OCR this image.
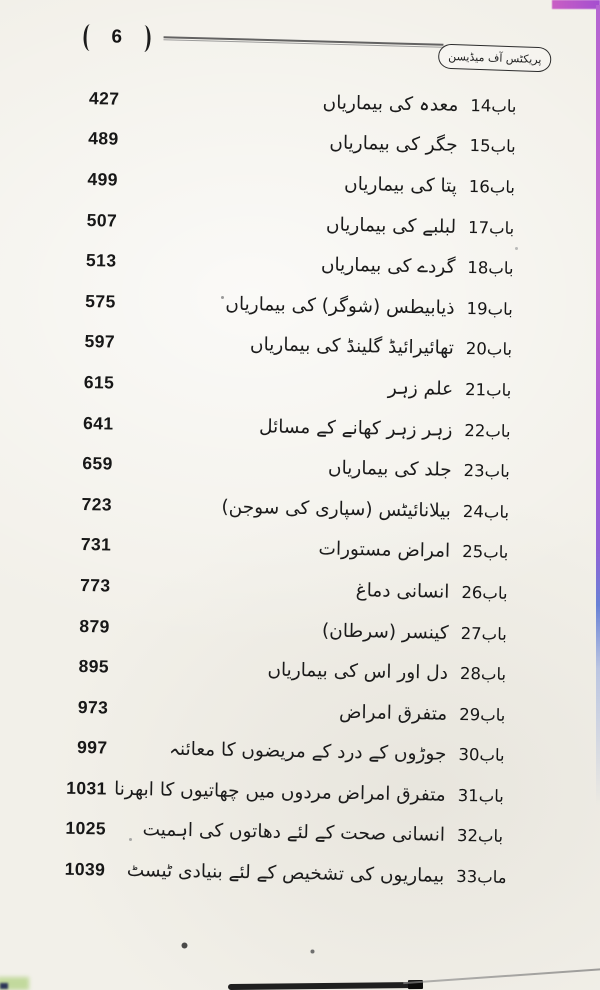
6
پریکٹس آف میڈیسن
427	معدہ کی بیماریاں باب14
489	جگر کی بیماریاں باب15
499	پتا کی بیماریاں باب16
507	لبلبے کی بیماریاں باب17
513	گردے کی بیماریاں باب18
575	ذیابیطس (شوگر) کی بیماریاں باب19
597	تھائیرائیڈ گلینڈ کی بیماریاں باب20
615	علم زہر باب21
641	زہر زہر کھانے کے مسائل باب22
659	جلد کی بیماریاں باب23
723	بیلانائیٹس (سپاری کی سوجن) باب24
731	امراض مستورات باب25
773	انسانی دماغ باب26
879	کینسر (سرطان) باب27
895	دل اور اس کی بیماریاں باب28
973	متفرق امراض باب29
997	جوڑوں کے درد کے مریضوں کا معائنہ باب30
1031 متفرق امراض مردوں میں چھاتیوں کا ابھرنا باب31
1025	انسانی صحت کے لئے دھاتوں کی اہمیت باب32
1039	بیماریوں کی تشخیص کے لئے بنیادی ٹیسٹ ماب33
